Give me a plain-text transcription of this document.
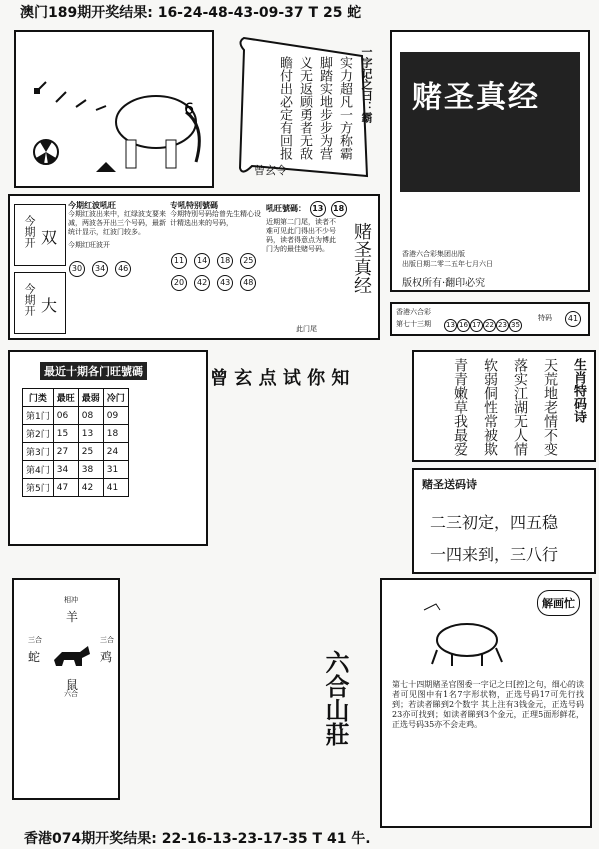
澳门189期开奖结果: 16-24-48-43-09-37 T 25 蛇
6	一字记之曰：霸
实力超凡一方称霸
脚踏实地步步为营
义无返顾勇者无敌
瞻付出必定有回报
曾玄令
赌圣真经
香港六合彩集团出版
出版日期二零二五年七月六日
版权所有·翻印必究
今期开 双
今期开 大
今期红波吼旺
今期红波出来中，红绿波支要来减，两波各开出三个号码，最新统计显示，红波门较多。
今期红旺波开
30 34 46
专吼特别號碼
今期特別号码给曾先生精心设计精选出来的号码，
11 14 18 25 20 42 43 48
吼旺號碼： 13 18
近期第二门尾，读者不难可见此门得出不少号码，读者得意点为博此门为的最佳赌号码。	赌圣真经
此门尾
香港六合彩
第七十三期 13 16 17 22 23 35
特码	41
最近十期各门旺號碼
门类	最旺	最弱	冷门
第1门	06	08	09
第2门	15	13	18
第3门	27	25	24
第4门	34	38	31
第5门	47	42	41
曾 玄 点 试 你 知	生肖特码诗
天荒地老情不变
落实江湖无人情
软弱侗性常被欺
青青嫩草我最爱
赌圣送码诗
二三初定，四五稳
一四来到，三八行
相冲
羊
三合
蛇
三合
鸡
鼠
六合	六合山莊
解画忙
第七十四期赌圣官图委一字记之曰[控]之句，细心的读者可见图中有1名7字形状物，正选号码17可先行找到；若读者睇到2个数字 其上注有3钱金元，正选号码23亦可找到；如读者睇到3个金元，正理5面形鲜花，正选号码35亦不会走鸡。
香港074期开奖结果: 22-16-13-23-17-35 T 41 牛.
